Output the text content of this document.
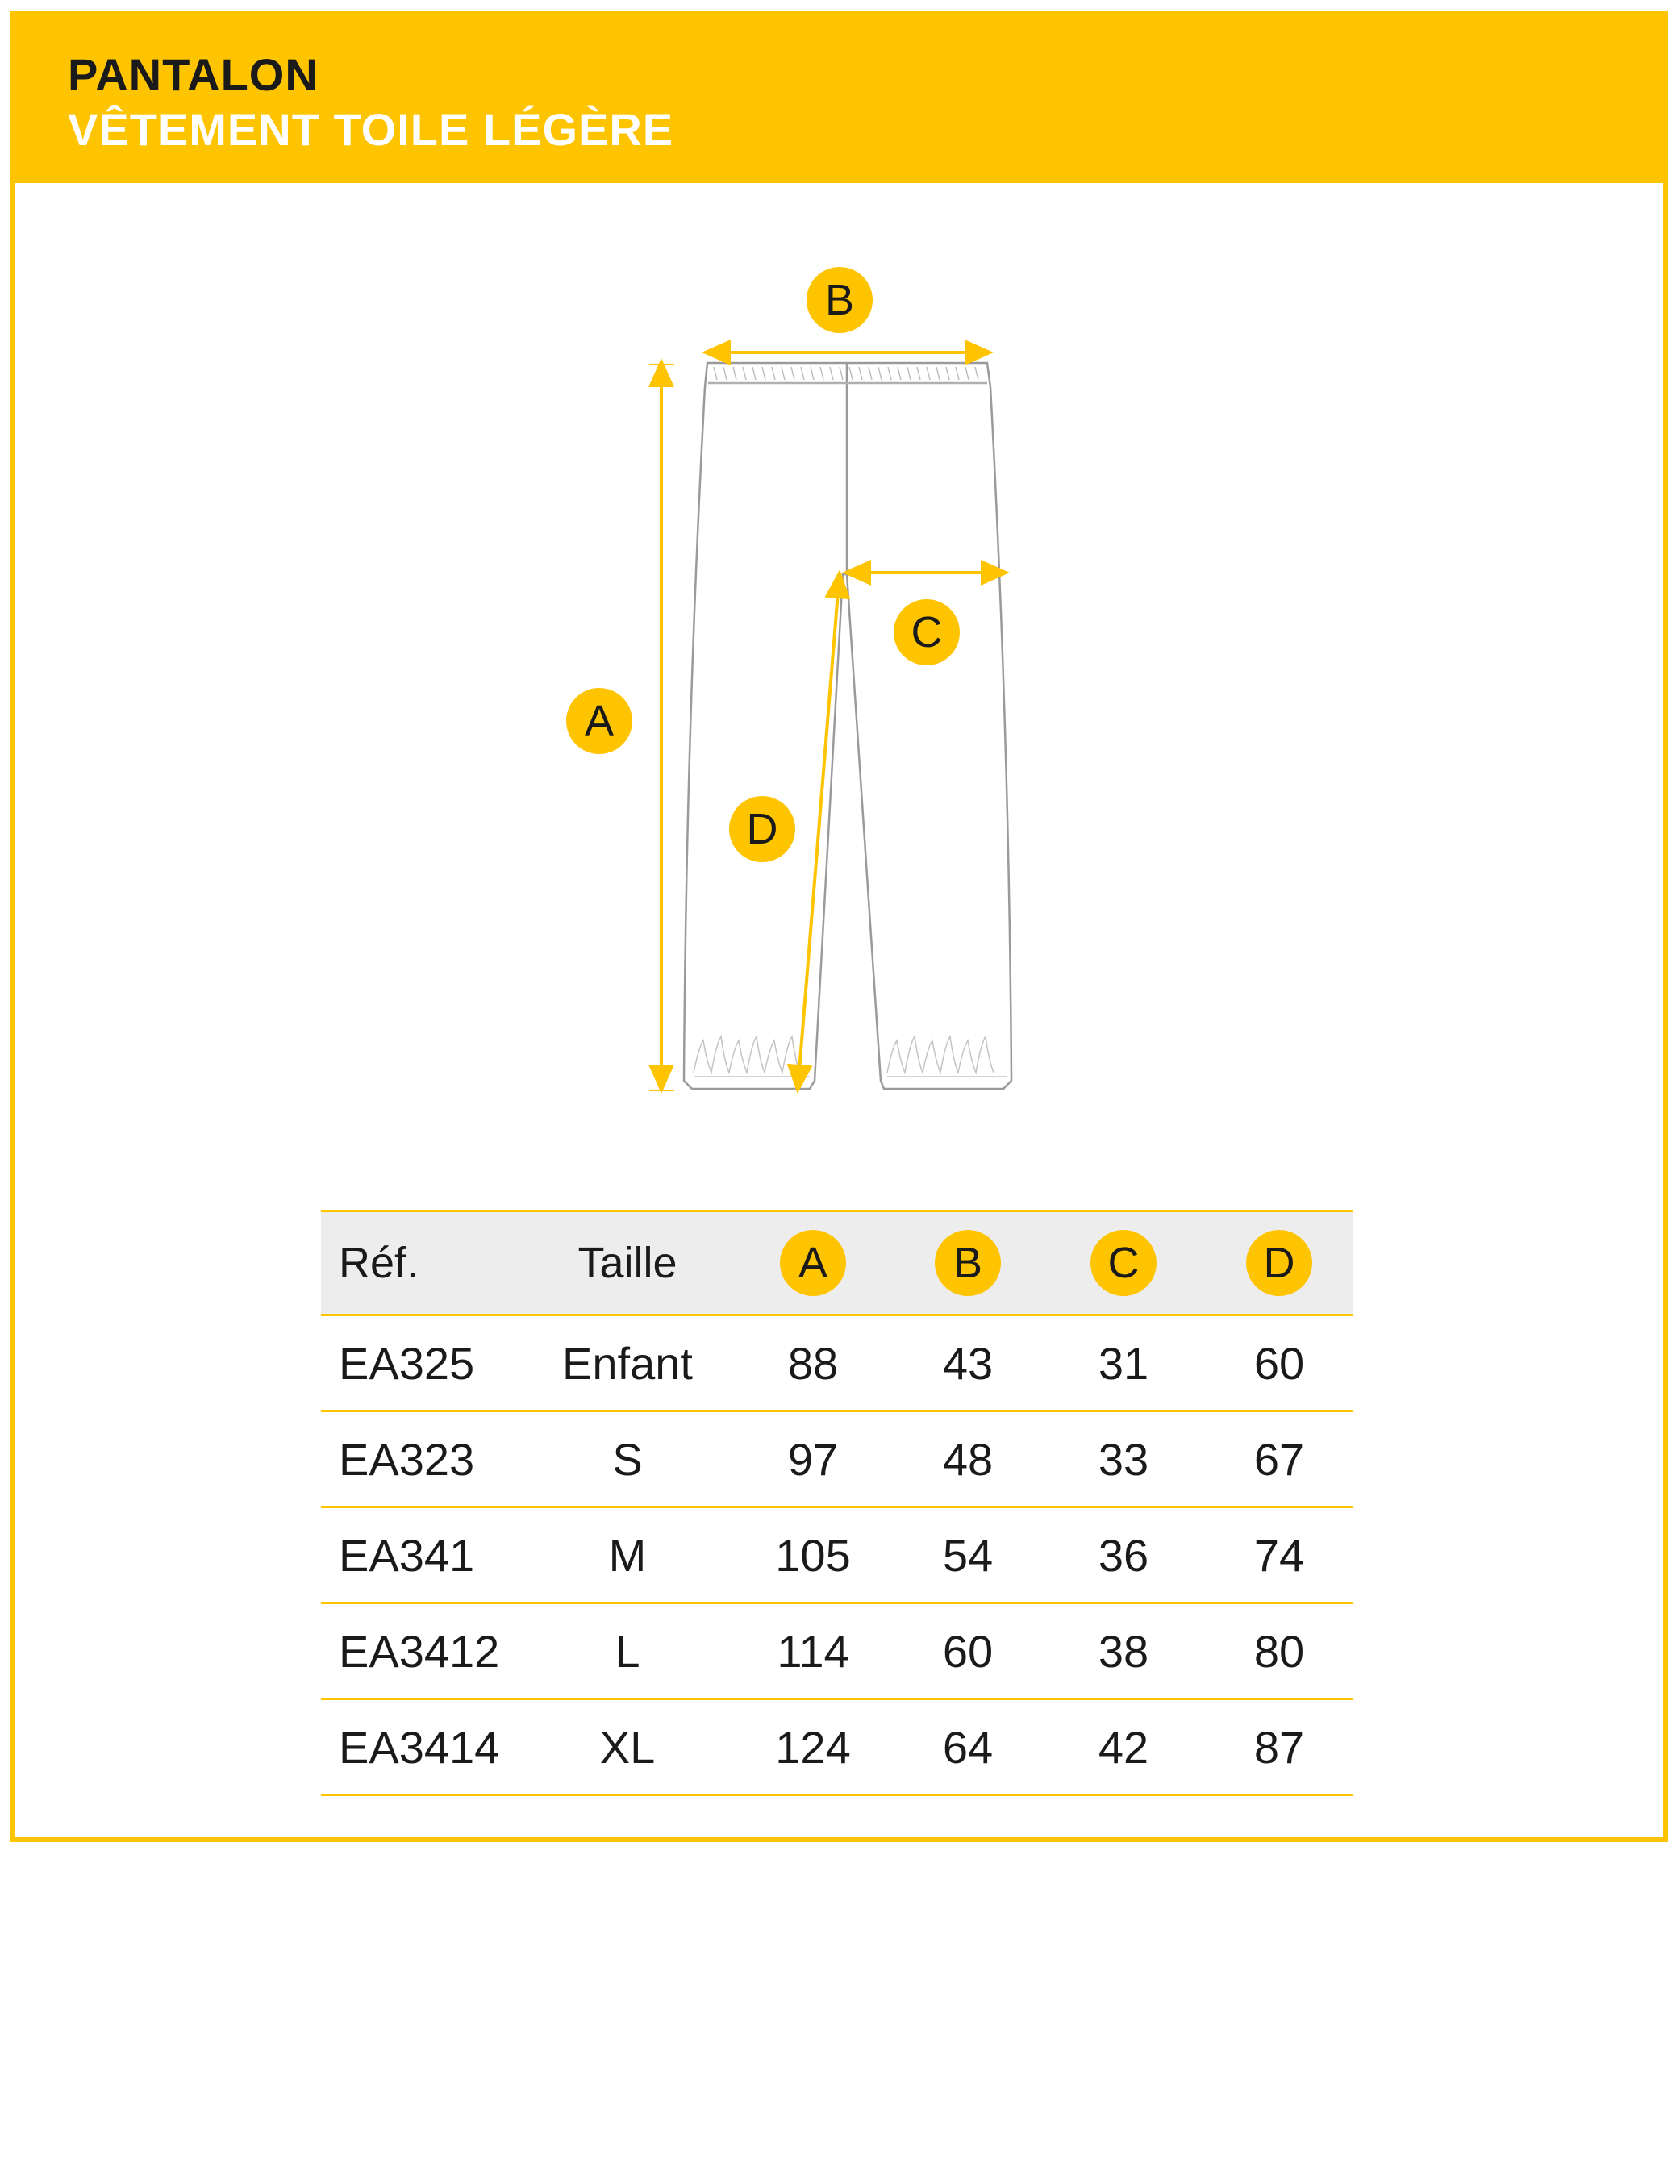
PANTALON
VÊTEMENT TOILE LÉGÈRE
B
A
C
D
Réf.	Taille	A	B	C	D
EA325	Enfant	88	43	31	60
EA323	S	97	48	33	67
EA341	M	105	54	36	74
EA3412	L	114	60	38	80
EA3414	XL	124	64	42	87
